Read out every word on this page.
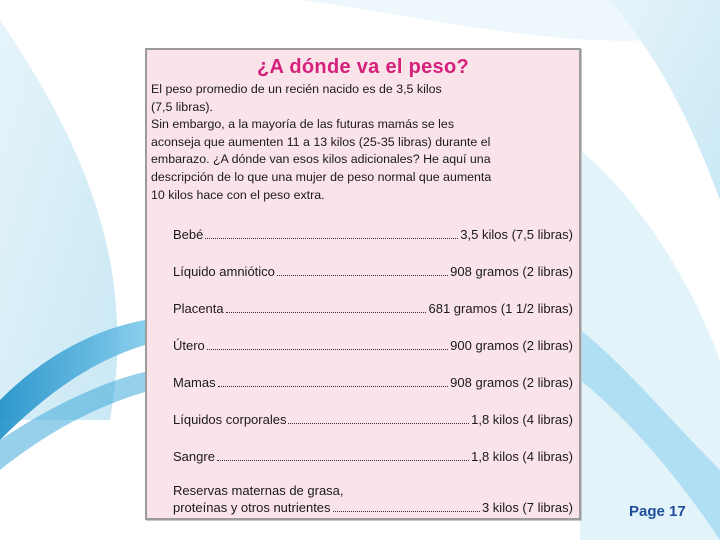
¿A dónde va el peso?

El peso promedio de un recién nacido es de 3,5 kilos
(7,5 libras).
Sin embargo, a la mayoría de las futuras mamás se les
aconseja que aumenten 11 a 13 kilos (25-35 libras) durante el
embarazo. ¿A dónde van esos kilos adicionales? He aquí una
descripción de lo que una mujer de peso normal que aumenta
10 kilos hace con el peso extra.

Bebé	3,5 kilos (7,5 libras)
Líquido amniótico	908 gramos (2 libras)
Placenta	681 gramos (1 1/2 libras)
Útero	900 gramos (2 libras)
Mamas	908 gramos (2 libras)
Líquidos corporales	1,8 kilos (4 libras)
Sangre	1,8 kilos (4 libras)
Reservas maternas de grasa,
proteínas y otros nutrientes	3 kilos (7 libras)	Page 17
